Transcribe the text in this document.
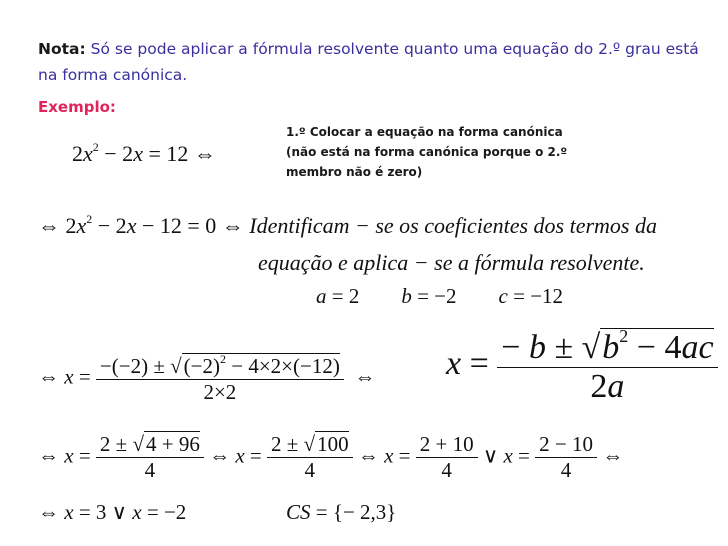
Nota: Só se pode aplicar a fórmula resolvente quanto uma equação do 2.º grau está na forma canónica.
Exemplo:
1.º Colocar a equação na forma canónica (não está na forma canónica porque o 2.º membro não é zero)
$2x^2 - 2x = 12$ ⇔
⇔ $2x^2 - 2x - 12 = 0$ ⇔ Identificam − se os coeficientes dos termos da
equação e aplica − se a fórmula resolvente.
a = 2        b = −2        c = −12
⇔ $x = \frac{-(-2) \pm √(-2)^2 - 4\times 2\times(-12)}{2\times 2}$ ⇔ $x = \frac{- b \pm √b^2 - 4ac}{2a}$
⇔ $x = \frac{2 \pm √4 + 96}{4}$ ⇔ $x = \frac{2 \pm √100}{4}$ ⇔ $x = \frac{2 + 10}{4}$ ∨ $x = \frac{2 - 10}{4}$ ⇔
⇔ x = 3 ∨ x = −2	CS = {− 2,3}
